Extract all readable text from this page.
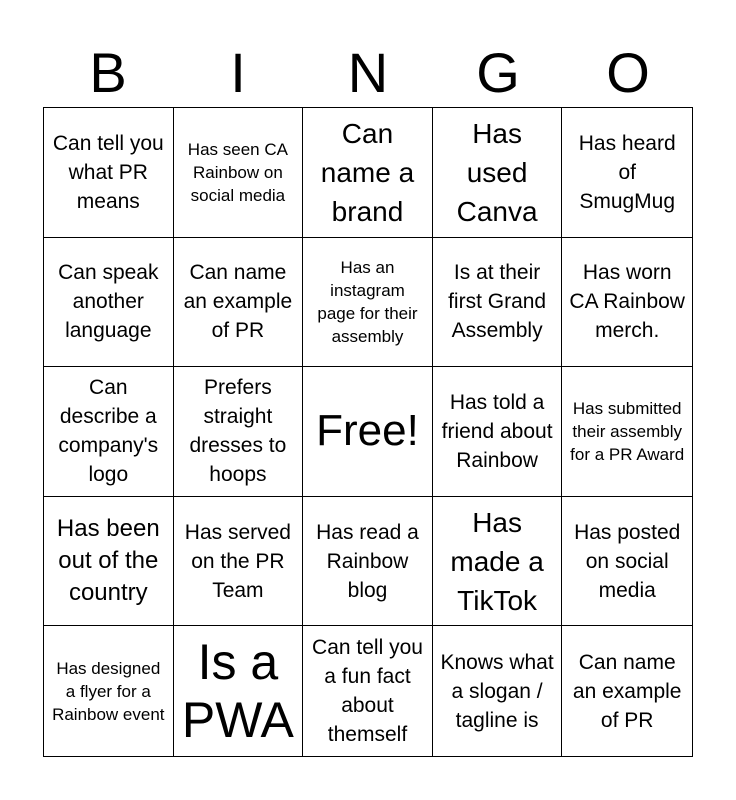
B	I	N	G	O
Can tell you what PR means
Has seen CA Rainbow on social media
Can name a brand
Has used Canva
Has heard of SmugMug
Can speak another language
Can name an example of PR
Has an instagram page for their assembly
Is at their first Grand Assembly
Has worn CA Rainbow merch.
Can describe a company's logo
Prefers straight dresses to hoops
Free!
Has told a friend about Rainbow
Has submitted their assembly for a PR Award
Has been out of the country
Has served on the PR Team
Has read a Rainbow blog
Has made a TikTok
Has posted on social media
Has designed a flyer for a Rainbow event
Is a PWA
Can tell you a fun fact about themself
Knows what a slogan / tagline is
Can name an example of PR
